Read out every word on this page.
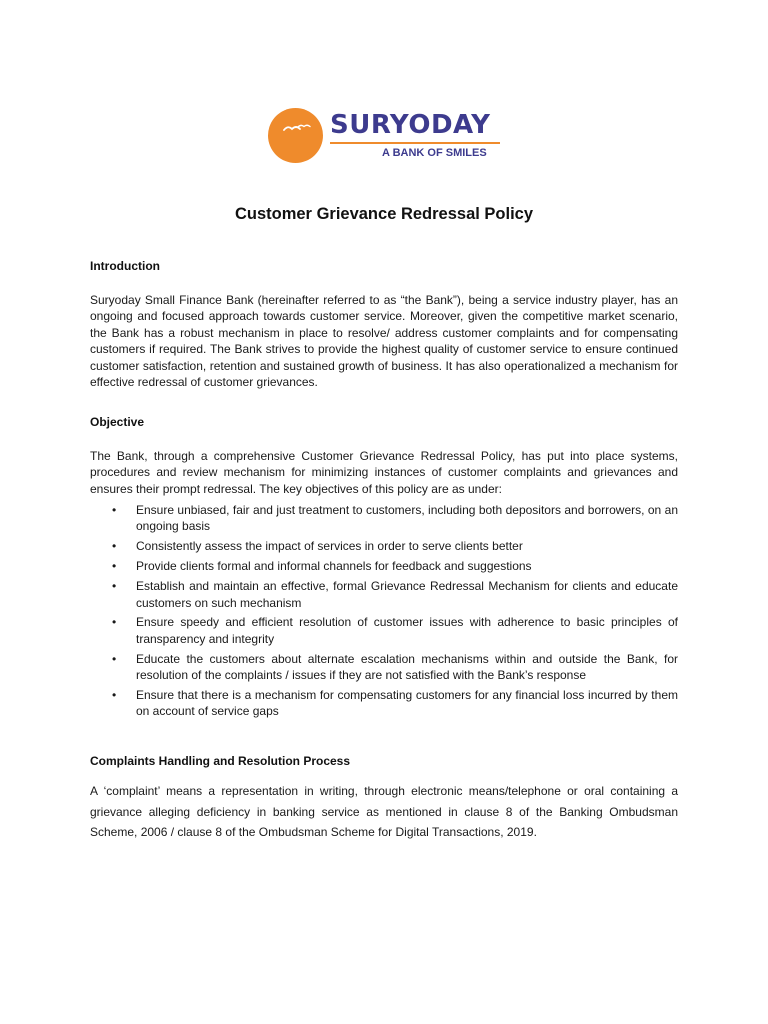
SURYODAY
A BANK OF SMILES
Customer Grievance Redressal Policy
Introduction

Suryoday Small Finance Bank (hereinafter referred to as “the Bank”), being a service industry player, has an ongoing and focused approach towards customer service. Moreover, given the competitive market scenario, the Bank has a robust mechanism in place to resolve/ address customer complaints and for compensating customers if required. The Bank strives to provide the highest quality of customer service to ensure continued customer satisfaction, retention and sustained growth of business. It has also operationalized a mechanism for effective redressal of customer grievances.

Objective

The Bank, through a comprehensive Customer Grievance Redressal Policy, has put into place systems, procedures and review mechanism for minimizing instances of customer complaints and grievances and ensures their prompt redressal. The key objectives of this policy are as under:

• Ensure unbiased, fair and just treatment to customers, including both depositors and borrowers, on an ongoing basis
• Consistently assess the impact of services in order to serve clients better
• Provide clients formal and informal channels for feedback and suggestions
• Establish and maintain an effective, formal Grievance Redressal Mechanism for clients and educate customers on such mechanism
• Ensure speedy and efficient resolution of customer issues with adherence to basic principles of transparency and integrity
• Educate the customers about alternate escalation mechanisms within and outside the Bank, for resolution of the complaints / issues if they are not satisfied with the Bank’s response
• Ensure that there is a mechanism for compensating customers for any financial loss incurred by them on account of service gaps
Complaints Handling and Resolution Process

A ‘complaint’ means a representation in writing, through electronic means/telephone or oral containing a grievance alleging deficiency in banking service as mentioned in clause 8 of the Banking Ombudsman Scheme, 2006 / clause 8 of the Ombudsman Scheme for Digital Transactions, 2019.
